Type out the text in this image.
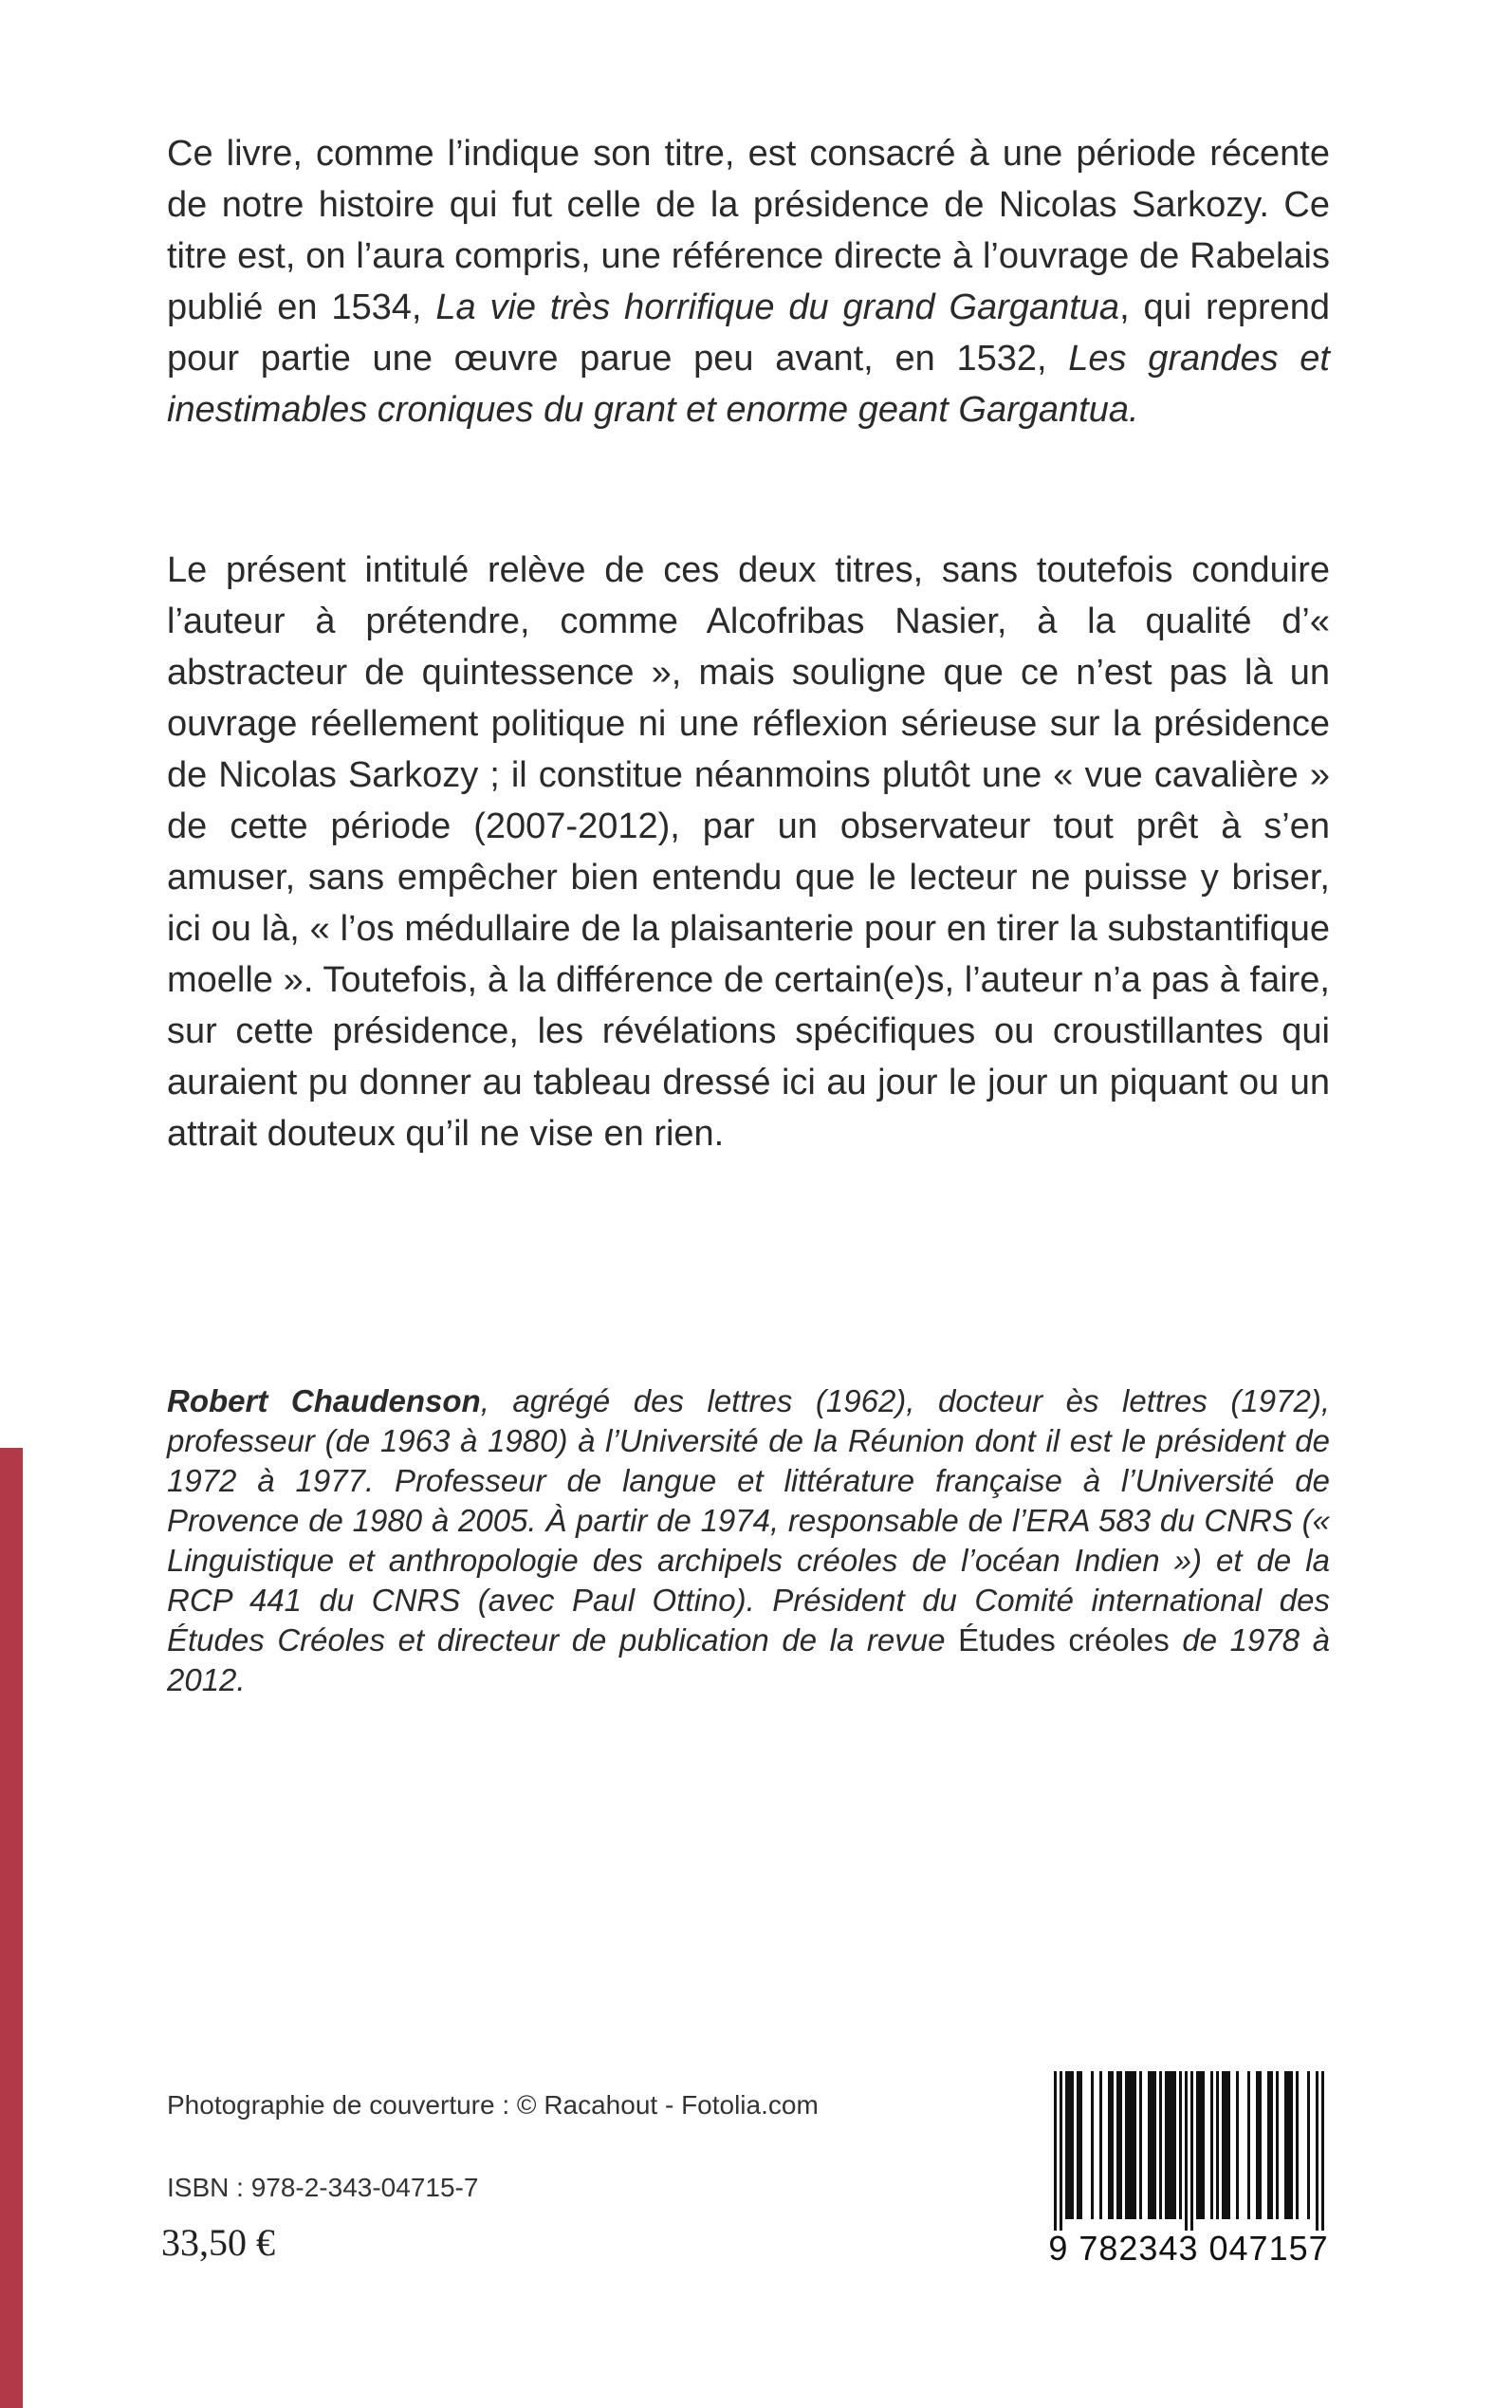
Ce livre, comme l’indique son titre, est consacré à une période récente de notre histoire qui fut celle de la présidence de Nicolas Sarkozy. Ce titre est, on l’aura compris, une référence directe à l’ouvrage de Rabelais publié en 1534, La vie très horrifique du grand Gargantua, qui reprend pour partie une œuvre parue peu avant, en 1532, Les grandes et inestimables croniques du grant et enorme geant Gargantua.
Le présent intitulé relève de ces deux titres, sans toutefois conduire l’auteur à prétendre, comme Alcofribas Nasier, à la qualité d’« abstracteur de quintessence », mais souligne que ce n’est pas là un ouvrage réellement politique ni une réflexion sérieuse sur la présidence de Nicolas Sarkozy ; il constitue néanmoins plutôt une « vue cavalière » de cette période (2007-2012), par un observateur tout prêt à s’en amuser, sans empêcher bien entendu que le lecteur ne puisse y briser, ici ou là, « l’os médullaire de la plaisanterie pour en tirer la substantifique moelle ». Toutefois, à la différence de certain(e)s, l’auteur n’a pas à faire, sur cette présidence, les révélations spécifiques ou croustillantes qui auraient pu donner au tableau dressé ici au jour le jour un piquant ou un attrait douteux qu’il ne vise en rien.
Robert Chaudenson, agrégé des lettres (1962), docteur ès lettres (1972), professeur (de 1963 à 1980) à l’Université de la Réunion dont il est le président de 1972 à 1977. Professeur de langue et littérature française à l’Université de Provence de 1980 à 2005. À partir de 1974, responsable de l’ERA 583 du CNRS (« Linguistique et anthropologie des archipels créoles de l’océan Indien ») et de la RCP 441 du CNRS (avec Paul Ottino). Président du Comité international des Études Créoles et directeur de publication de la revue Études créoles de 1978 à 2012.
Photographie de couverture : © Racahout - Fotolia.com
ISBN : 978-2-343-04715-7
33,50 €	9 782343 047157
